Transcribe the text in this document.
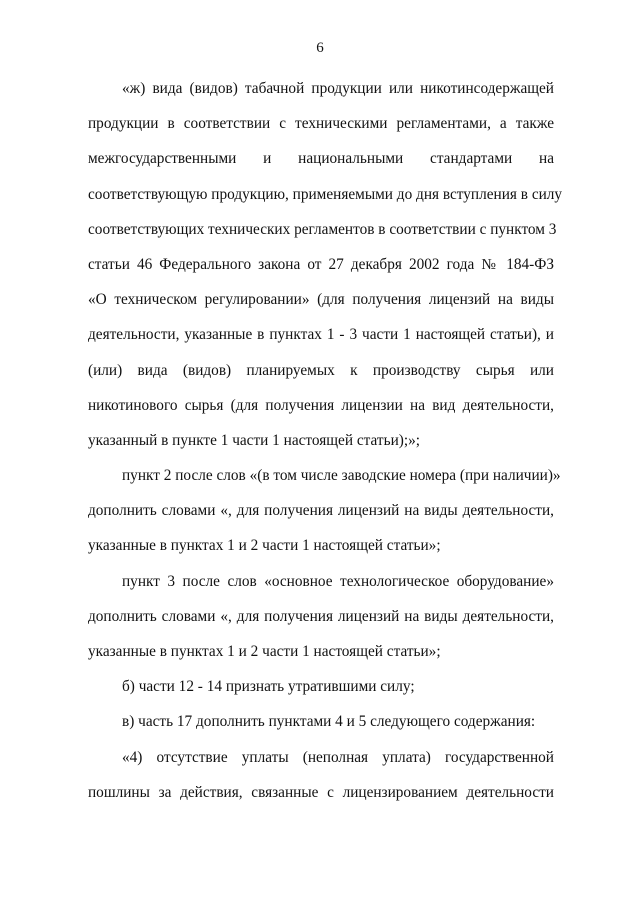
6
«ж) вида (видов) табачной продукции или никотинсодержащей
продукции в соответствии с техническими регламентами, а также
межгосударственными и национальными стандартами на
соответствующую продукцию, применяемыми до дня вступления в силу
соответствующих технических регламентов в соответствии с пунктом 3
статьи 46 Федерального закона от 27 декабря 2002 года № 184-ФЗ
«О техническом регулировании» (для получения лицензий на виды
деятельности, указанные в пунктах 1 - 3 части 1 настоящей статьи), и
(или) вида (видов) планируемых к производству сырья или
никотинового сырья (для получения лицензии на вид деятельности,
указанный в пункте 1 части 1 настоящей статьи);»;
пункт 2 после слов «(в том числе заводские номера (при наличии)»
дополнить словами «, для получения лицензий на виды деятельности,
указанные в пунктах 1 и 2 части 1 настоящей статьи»;
пункт 3 после слов «основное технологическое оборудование»
дополнить словами «, для получения лицензий на виды деятельности,
указанные в пунктах 1 и 2 части 1 настоящей статьи»;
б) части 12 - 14 признать утратившими силу;
в) часть 17 дополнить пунктами 4 и 5 следующего содержания:
«4) отсутствие уплаты (неполная уплата) государственной
пошлины за действия, связанные с лицензированием деятельности
